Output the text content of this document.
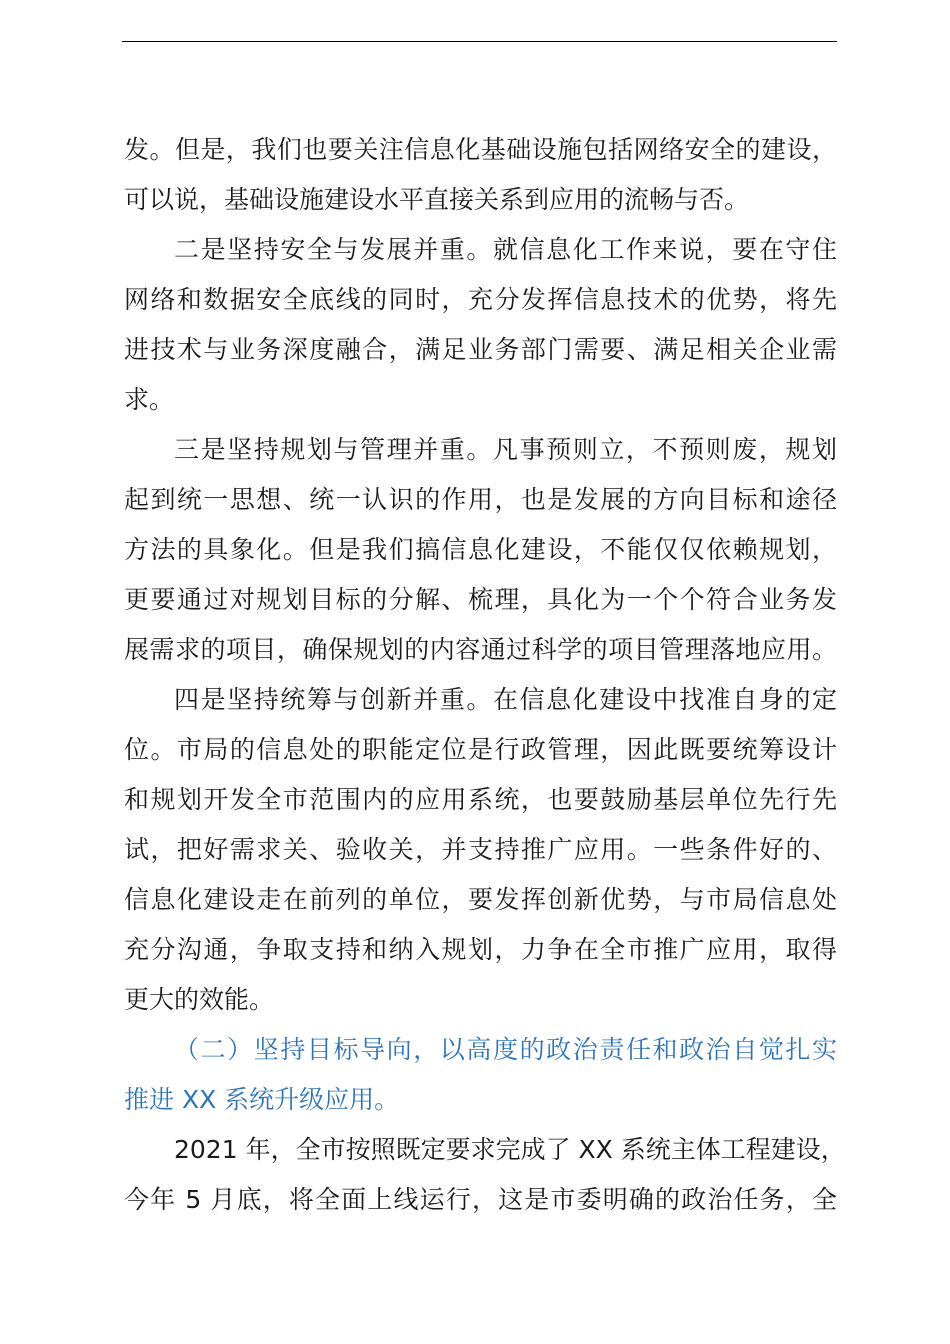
发。但是，我们也要关注信息化基础设施包括网络安全的建设，
可以说，基础设施建设水平直接关系到应用的流畅与否。
二是坚持安全与发展并重。就信息化工作来说，要在守住
网络和数据安全底线的同时，充分发挥信息技术的优势，将先
进技术与业务深度融合，满足业务部门需要、满足相关企业需
求。
三是坚持规划与管理并重。凡事预则立，不预则废，规划
起到统一思想、统一认识的作用，也是发展的方向目标和途径
方法的具象化。但是我们搞信息化建设，不能仅仅依赖规划，
更要通过对规划目标的分解、梳理，具化为一个个符合业务发
展需求的项目，确保规划的内容通过科学的项目管理落地应用。
四是坚持统筹与创新并重。在信息化建设中找准自身的定
位。市局的信息处的职能定位是行政管理，因此既要统筹设计
和规划开发全市范围内的应用系统，也要鼓励基层单位先行先
试，把好需求关、验收关，并支持推广应用。一些条件好的、
信息化建设走在前列的单位，要发挥创新优势，与市局信息处
充分沟通，争取支持和纳入规划，力争在全市推广应用，取得
更大的效能。
（二）坚持目标导向，以高度的政治责任和政治自觉扎实
推进 XX 系统升级应用。
2021 年，全市按照既定要求完成了 XX 系统主体工程建设，
今年 5 月底，将全面上线运行，这是市委明确的政治任务，全
